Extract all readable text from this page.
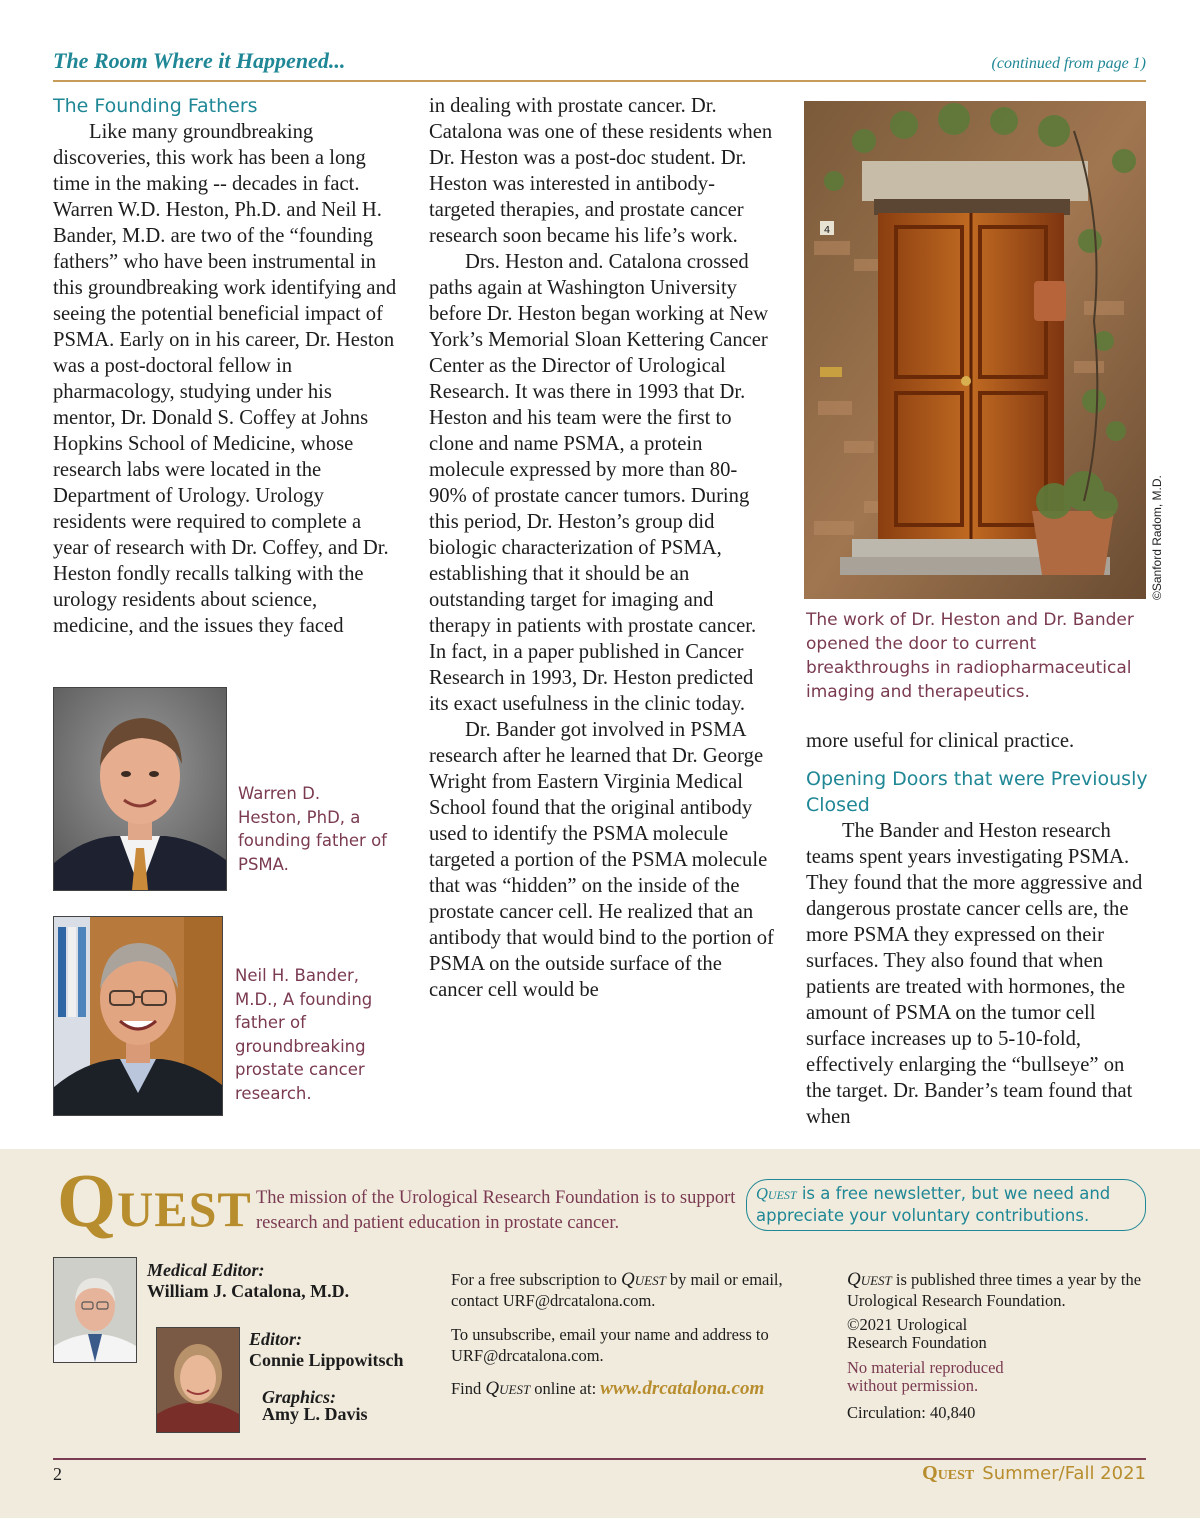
The Room Where it Happened...	(continued from page 1)
The Founding Fathers

Like many groundbreaking discoveries, this work has been a long time in the making -- decades in fact. Warren W.D. Heston, Ph.D. and Neil H. Bander, M.D. are two of the “founding fathers” who have been instrumental in this groundbreaking work identifying and seeing the potential beneficial impact of PSMA. Early on in his career, Dr. Heston was a post-doctoral fellow in pharmacology, studying under his mentor, Dr. Donald S. Coffey at Johns Hopkins School of Medicine, whose research labs were located in the Department of Urology. Urology residents were required to complete a year of research with Dr. Coffey, and Dr. Heston fondly recalls talking with the urology residents about science, medicine, and the issues they faced

Warren D. Heston, PhD, a founding father of PSMA.
Neil H. Bander, M.D., A founding father of groundbreaking prostate cancer research.

in dealing with prostate cancer. Dr. Catalona was one of these residents when Dr. Heston was a post-doc student. Dr. Heston was interested in antibody-targeted therapies, and prostate cancer research soon became his life’s work.

Drs. Heston and. Catalona crossed paths again at Washington University before Dr. Heston began working at New York’s Memorial Sloan Kettering Cancer Center as the Director of Urological Research. It was there in 1993 that Dr. Heston and his team were the first to clone and name PSMA, a protein molecule expressed by more than 80-90% of prostate cancer tumors. During this period, Dr. Heston’s group did biologic characterization of PSMA, establishing that it should be an outstanding target for imaging and therapy in patients with prostate cancer. In fact, in a paper published in Cancer Research in 1993, Dr. Heston predicted its exact usefulness in the clinic today.

Dr. Bander got involved in PSMA research after he learned that Dr. George Wright from Eastern Virginia Medical School found that the original antibody used to identify the PSMA molecule targeted a portion of the PSMA molecule that was “hidden” on the inside of the prostate cancer cell. He realized that an antibody that would bind to the portion of PSMA on the outside surface of the cancer cell would be

4
©Sanford Radom, M.D.
The work of Dr. Heston and Dr. Bander opened the door to current breakthroughs in radiopharmaceutical imaging and therapeutics.

more useful for clinical practice.

Opening Doors that were Previously Closed

The Bander and Heston research teams spent years investigating PSMA. They found that the more aggressive and dangerous prostate cancer cells are, the more PSMA they expressed on their surfaces. They also found that when patients are treated with hormones, the amount of PSMA on the tumor cell surface increases up to 5-10-fold, effectively enlarging the “bullseye” on the target. Dr. Bander’s team found that when

QUEST The mission of the Urological Research Foundation is to support research and patient education in prostate cancer.
Quest is a free newsletter, but we need and appreciate your voluntary contributions.
Medical Editor:
William J. Catalona, M.D.
Editor:
Connie Lippowitsch
Graphics:
Amy L. Davis
For a free subscription to Quest by mail or email, contact URF@drcatalona.com.
To unsubscribe, email your name and address to URF@drcatalona.com.
Find Quest online at: www.drcatalona.com
Quest is published three times a year by the Urological Research Foundation.
©2021 Urological Research Foundation
No material reproduced without permission.
Circulation: 40,840
2	Quest Summer/Fall 2021
